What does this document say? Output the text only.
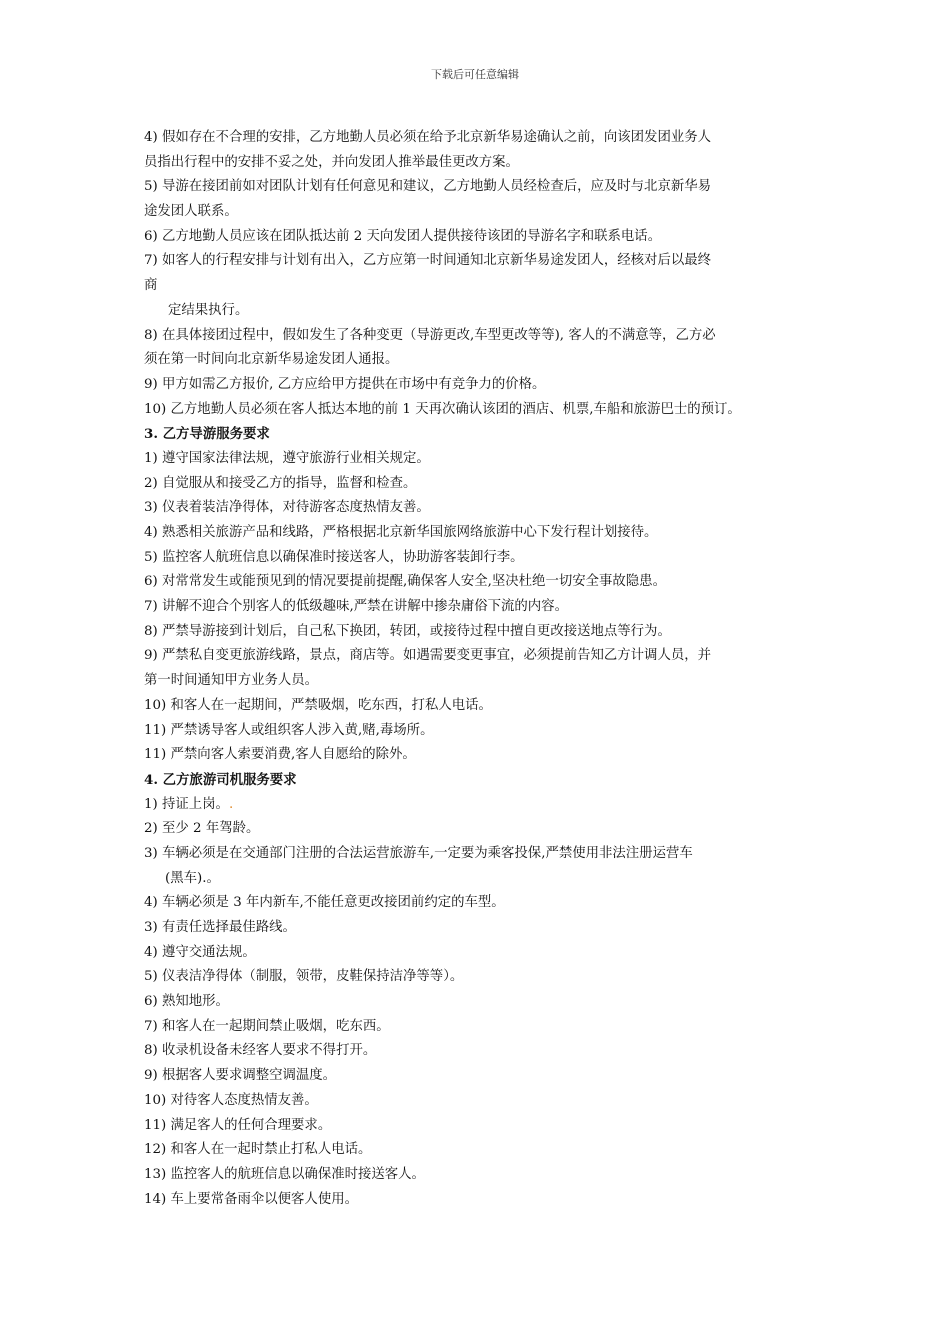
下载后可任意编辑
4) 假如存在不合理的安排，乙方地勤人员必须在给予北京新华易途确认之前，向该团发团业务人
员指出行程中的安排不妥之处，并向发团人推举最佳更改方案。
5) 导游在接团前如对团队计划有任何意见和建议，乙方地勤人员经检查后，应及时与北京新华易
途发团人联系。
6) 乙方地勤人员应该在团队抵达前 2 天向发团人提供接待该团的导游名字和联系电话。
7) 如客人的行程安排与计划有出入，乙方应第一时间通知北京新华易途发团人，经核对后以最终
商
定结果执行。
8) 在具体接团过程中，假如发生了各种变更（导游更改,车型更改等等), 客人的不满意等，乙方必
须在第一时间向北京新华易途发团人通报。
9) 甲方如需乙方报价, 乙方应给甲方提供在市场中有竞争力的价格。
10) 乙方地勤人员必须在客人抵达本地的前 1 天再次确认该团的酒店、机票,车船和旅游巴士的预订。
3. 乙方导游服务要求
1) 遵守国家法律法规，遵守旅游行业相关规定。
2) 自觉服从和接受乙方的指导，监督和检查。
3) 仪表着装洁净得体，对待游客态度热情友善。
4) 熟悉相关旅游产品和线路，严格根据北京新华国旅网络旅游中心下发行程计划接待。
5) 监控客人航班信息以确保准时接送客人，协助游客装卸行李。
6) 对常常发生或能预见到的情况要提前提醒,确保客人安全,坚决杜绝一切安全事故隐患。
7) 讲解不迎合个别客人的低级趣味,严禁在讲解中掺杂庸俗下流的内容。
8) 严禁导游接到计划后，自己私下换团，转团，或接待过程中擅自更改接送地点等行为。
9) 严禁私自变更旅游线路，景点，商店等。如遇需要变更事宜，必须提前告知乙方计调人员，并
第一时间通知甲方业务人员。
10) 和客人在一起期间，严禁吸烟，吃东西，打私人电话。
11) 严禁诱导客人或组织客人涉入黄,赌,毒场所。
11) 严禁向客人索要消费,客人自愿给的除外。
4. 乙方旅游司机服务要求
1) 持证上岗。.
2) 至少 2 年驾龄。
3) 车辆必须是在交通部门注册的合法运营旅游车,一定要为乘客投保,严禁使用非法注册运营车
(黑车).。
4) 车辆必须是 3 年内新车,不能任意更改接团前约定的车型。
3) 有责任选择最佳路线。
4) 遵守交通法规。
5) 仪表洁净得体（制服，领带，皮鞋保持洁净等等）。
6) 熟知地形。
7) 和客人在一起期间禁止吸烟，吃东西。
8) 收录机设备未经客人要求不得打开。
9) 根据客人要求调整空调温度。
10) 对待客人态度热情友善。
11) 满足客人的任何合理要求。
12) 和客人在一起时禁止打私人电话。
13) 监控客人的航班信息以确保准时接送客人。
14) 车上要常备雨伞以便客人使用。
